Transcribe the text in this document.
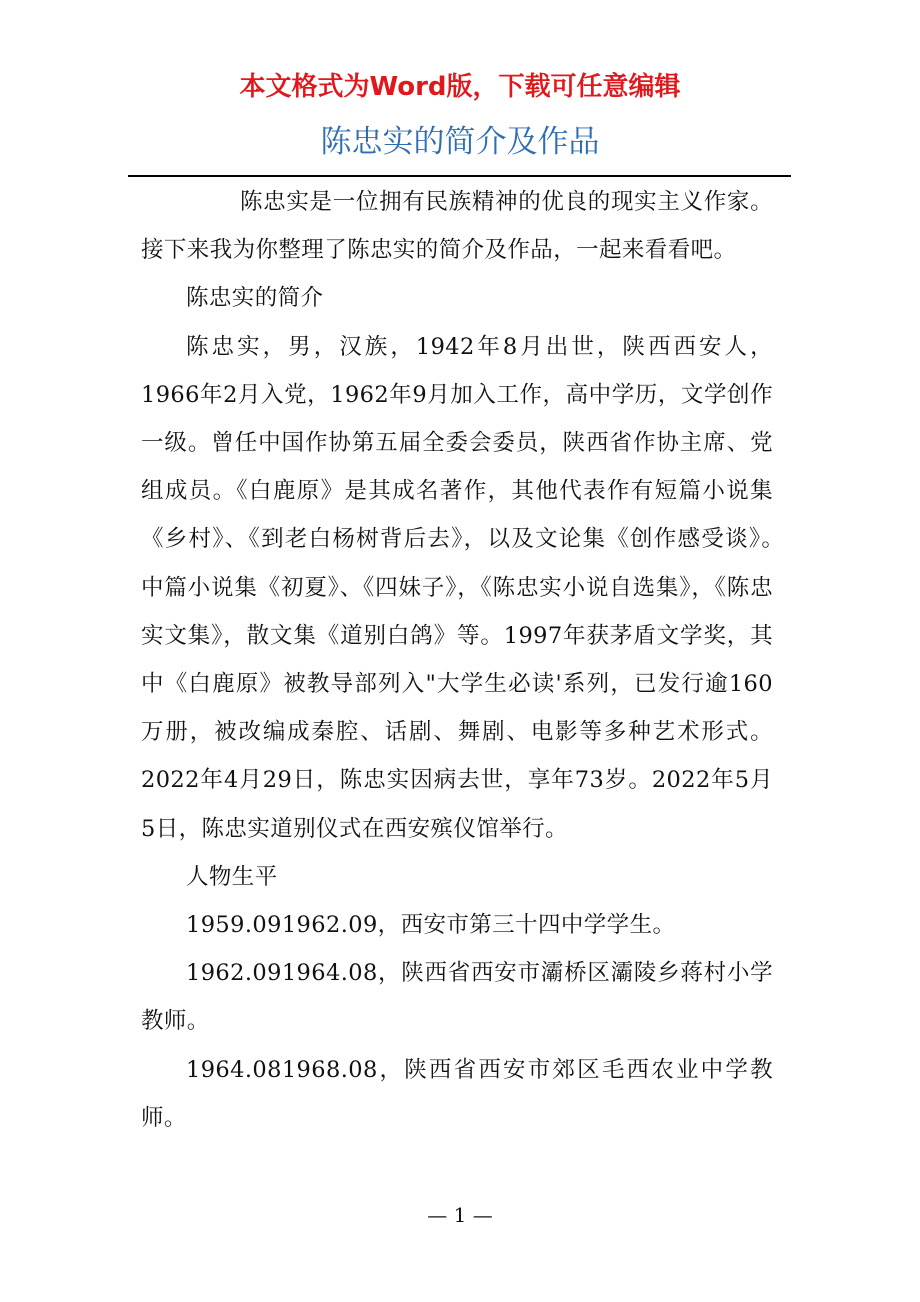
本文格式为Word版，下载可任意编辑
陈忠实的简介及作品

陈忠实是一位拥有民族精神的优良的现实主义作家。接下来我为你整理了陈忠实的简介及作品，一起来看看吧。

陈忠实的简介

陈忠实，男，汉族，1942年8月出世，陕西西安人，1966年2月入党，1962年9月加入工作，高中学历，文学创作一级。曾任中国作协第五届全委会委员，陕西省作协主席、党组成员。《白鹿原》是其成名著作，其他代表作有短篇小说集《乡村》、《到老白杨树背后去》，以及文论集《创作感受谈》。　中篇小说集《初夏》、《四妹子》，《陈忠实小说自选集》，《陈忠实文集》，散文集《道别白鸽》等。1997年获茅盾文学奖，其中《白鹿原》被教导部列入"大学生必读'系列，已发行逾160万册，被改编成秦腔、话剧、舞剧、电影等多种艺术形式。2022年4月29日，陈忠实因病去世，享年73岁。2022年5月5日，陈忠实道别仪式在西安殡仪馆举行。

人物生平

1959.091962.09，西安市第三十四中学学生。

1962.091964.08，陕西省西安市灞桥区灞陵乡蒋村小学教师。

1964.081968.08，陕西省西安市郊区毛西农业中学教师。

— 1 —
